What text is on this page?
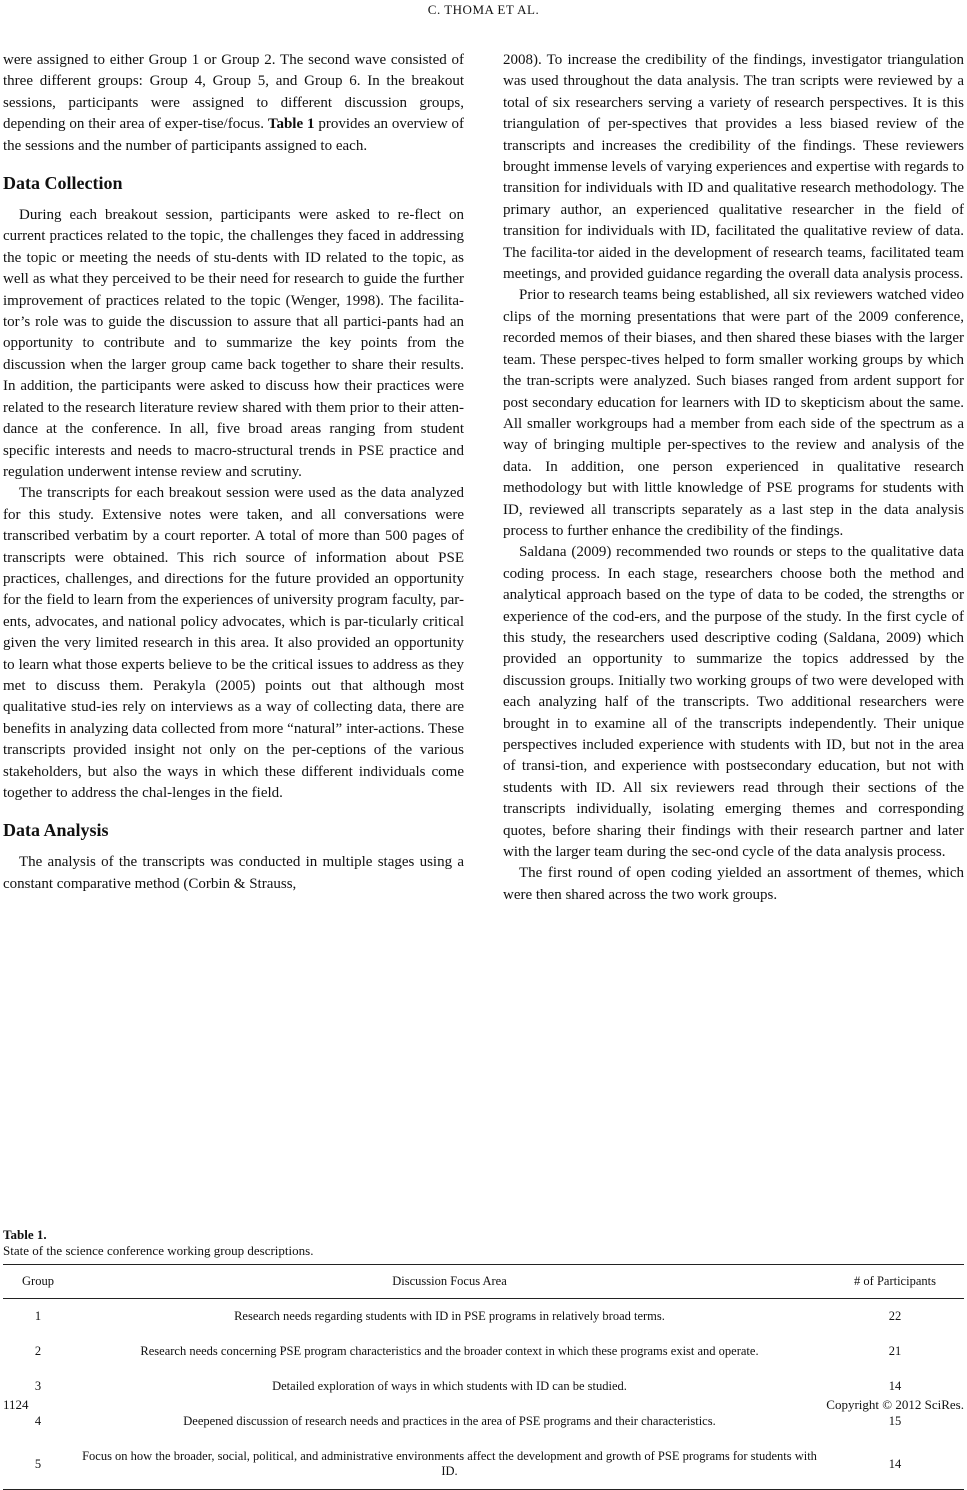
C. THOMA ET AL.

were assigned to either Group 1 or Group 2. The second wave consisted of three different groups: Group 4, Group 5, and Group 6. In the breakout sessions, participants were assigned to different discussion groups, depending on their area of exper-tise/focus. Table 1 provides an overview of the sessions and the number of participants assigned to each.

Data Collection

During each breakout session, participants were asked to re-flect on current practices related to the topic, the challenges they faced in addressing the topic or meeting the needs of stu-dents with ID related to the topic, as well as what they perceived to be their need for research to guide the further improvement of practices related to the topic (Wenger, 1998). The facilita-tor’s role was to guide the discussion to assure that all partici-pants had an opportunity to contribute and to summarize the key points from the discussion when the larger group came back together to share their results. In addition, the participants were asked to discuss how their practices were related to the research literature review shared with them prior to their atten-dance at the conference. In all, five broad areas ranging from student specific interests and needs to macro-structural trends in PSE practice and regulation underwent intense review and scrutiny.

The transcripts for each breakout session were used as the data analyzed for this study. Extensive notes were taken, and all conversations were transcribed verbatim by a court reporter. A total of more than 500 pages of transcripts were obtained. This rich source of information about PSE practices, challenges, and directions for the future provided an opportunity for the field to learn from the experiences of university program faculty, par-ents, advocates, and national policy advocates, which is par-ticularly critical given the very limited research in this area. It also provided an opportunity to learn what those experts believe to be the critical issues to address as they met to discuss them. Perakyla (2005) points out that although most qualitative stud-ies rely on interviews as a way of collecting data, there are benefits in analyzing data collected from more “natural” inter-actions. These transcripts provided insight not only on the per-ceptions of the various stakeholders, but also the ways in which these different individuals come together to address the chal-lenges in the field.

Data Analysis

The analysis of the transcripts was conducted in multiple stages using a constant comparative method (Corbin & Strauss,

2008). To increase the credibility of the findings, investigator triangulation was used throughout the data analysis. The tran scripts were reviewed by a total of six researchers serving a variety of research perspectives. It is this triangulation of per-spectives that provides a less biased review of the transcripts and increases the credibility of the findings. These reviewers brought immense levels of varying experiences and expertise with regards to transition for individuals with ID and qualitative research methodology. The primary author, an experienced qualitative researcher in the field of transition for individuals with ID, facilitated the qualitative review of data. The facilita-tor aided in the development of research teams, facilitated team meetings, and provided guidance regarding the overall data analysis process.

Prior to research teams being established, all six reviewers watched video clips of the morning presentations that were part of the 2009 conference, recorded memos of their biases, and then shared these biases with the larger team. These perspec-tives helped to form smaller working groups by which the tran-scripts were analyzed. Such biases ranged from ardent support for post secondary education for learners with ID to skepticism about the same. All smaller workgroups had a member from each side of the spectrum as a way of bringing multiple per-spectives to the review and analysis of the data. In addition, one person experienced in qualitative research methodology but with little knowledge of PSE programs for students with ID, reviewed all transcripts separately as a last step in the data analysis process to further enhance the credibility of the findings.

Saldana (2009) recommended two rounds or steps to the qualitative data coding process. In each stage, researchers choose both the method and analytical approach based on the type of data to be coded, the strengths or experience of the cod-ers, and the purpose of the study. In the first cycle of this study, the researchers used descriptive coding (Saldana, 2009) which provided an opportunity to summarize the topics addressed by the discussion groups. Initially two working groups of two were developed with each analyzing half of the transcripts. Two additional researchers were brought in to examine all of the transcripts independently. Their unique perspectives included experience with students with ID, but not in the area of transi-tion, and experience with postsecondary education, but not with students with ID. All six reviewers read through their sections of the transcripts individually, isolating emerging themes and corresponding quotes, before sharing their findings with their research partner and later with the larger team during the sec-ond cycle of the data analysis process.

The first round of open coding yielded an assortment of themes, which were then shared across the two work groups.

Table 1.
State of the science conference working group descriptions.
Group	Discussion Focus Area	# of Participants
1	Research needs regarding students with ID in PSE programs in relatively broad terms.	22
2	Research needs concerning PSE program characteristics and the broader context in which these programs exist and operate.	21
3	Detailed exploration of ways in which students with ID can be studied.	14
4	Deepened discussion of research needs and practices in the area of PSE programs and their characteristics.	15
5	Focus on how the broader, social, political, and administrative environments affect the development and growth of PSE programs for students with ID.	14
1124	Copyright © 2012 SciRes.
